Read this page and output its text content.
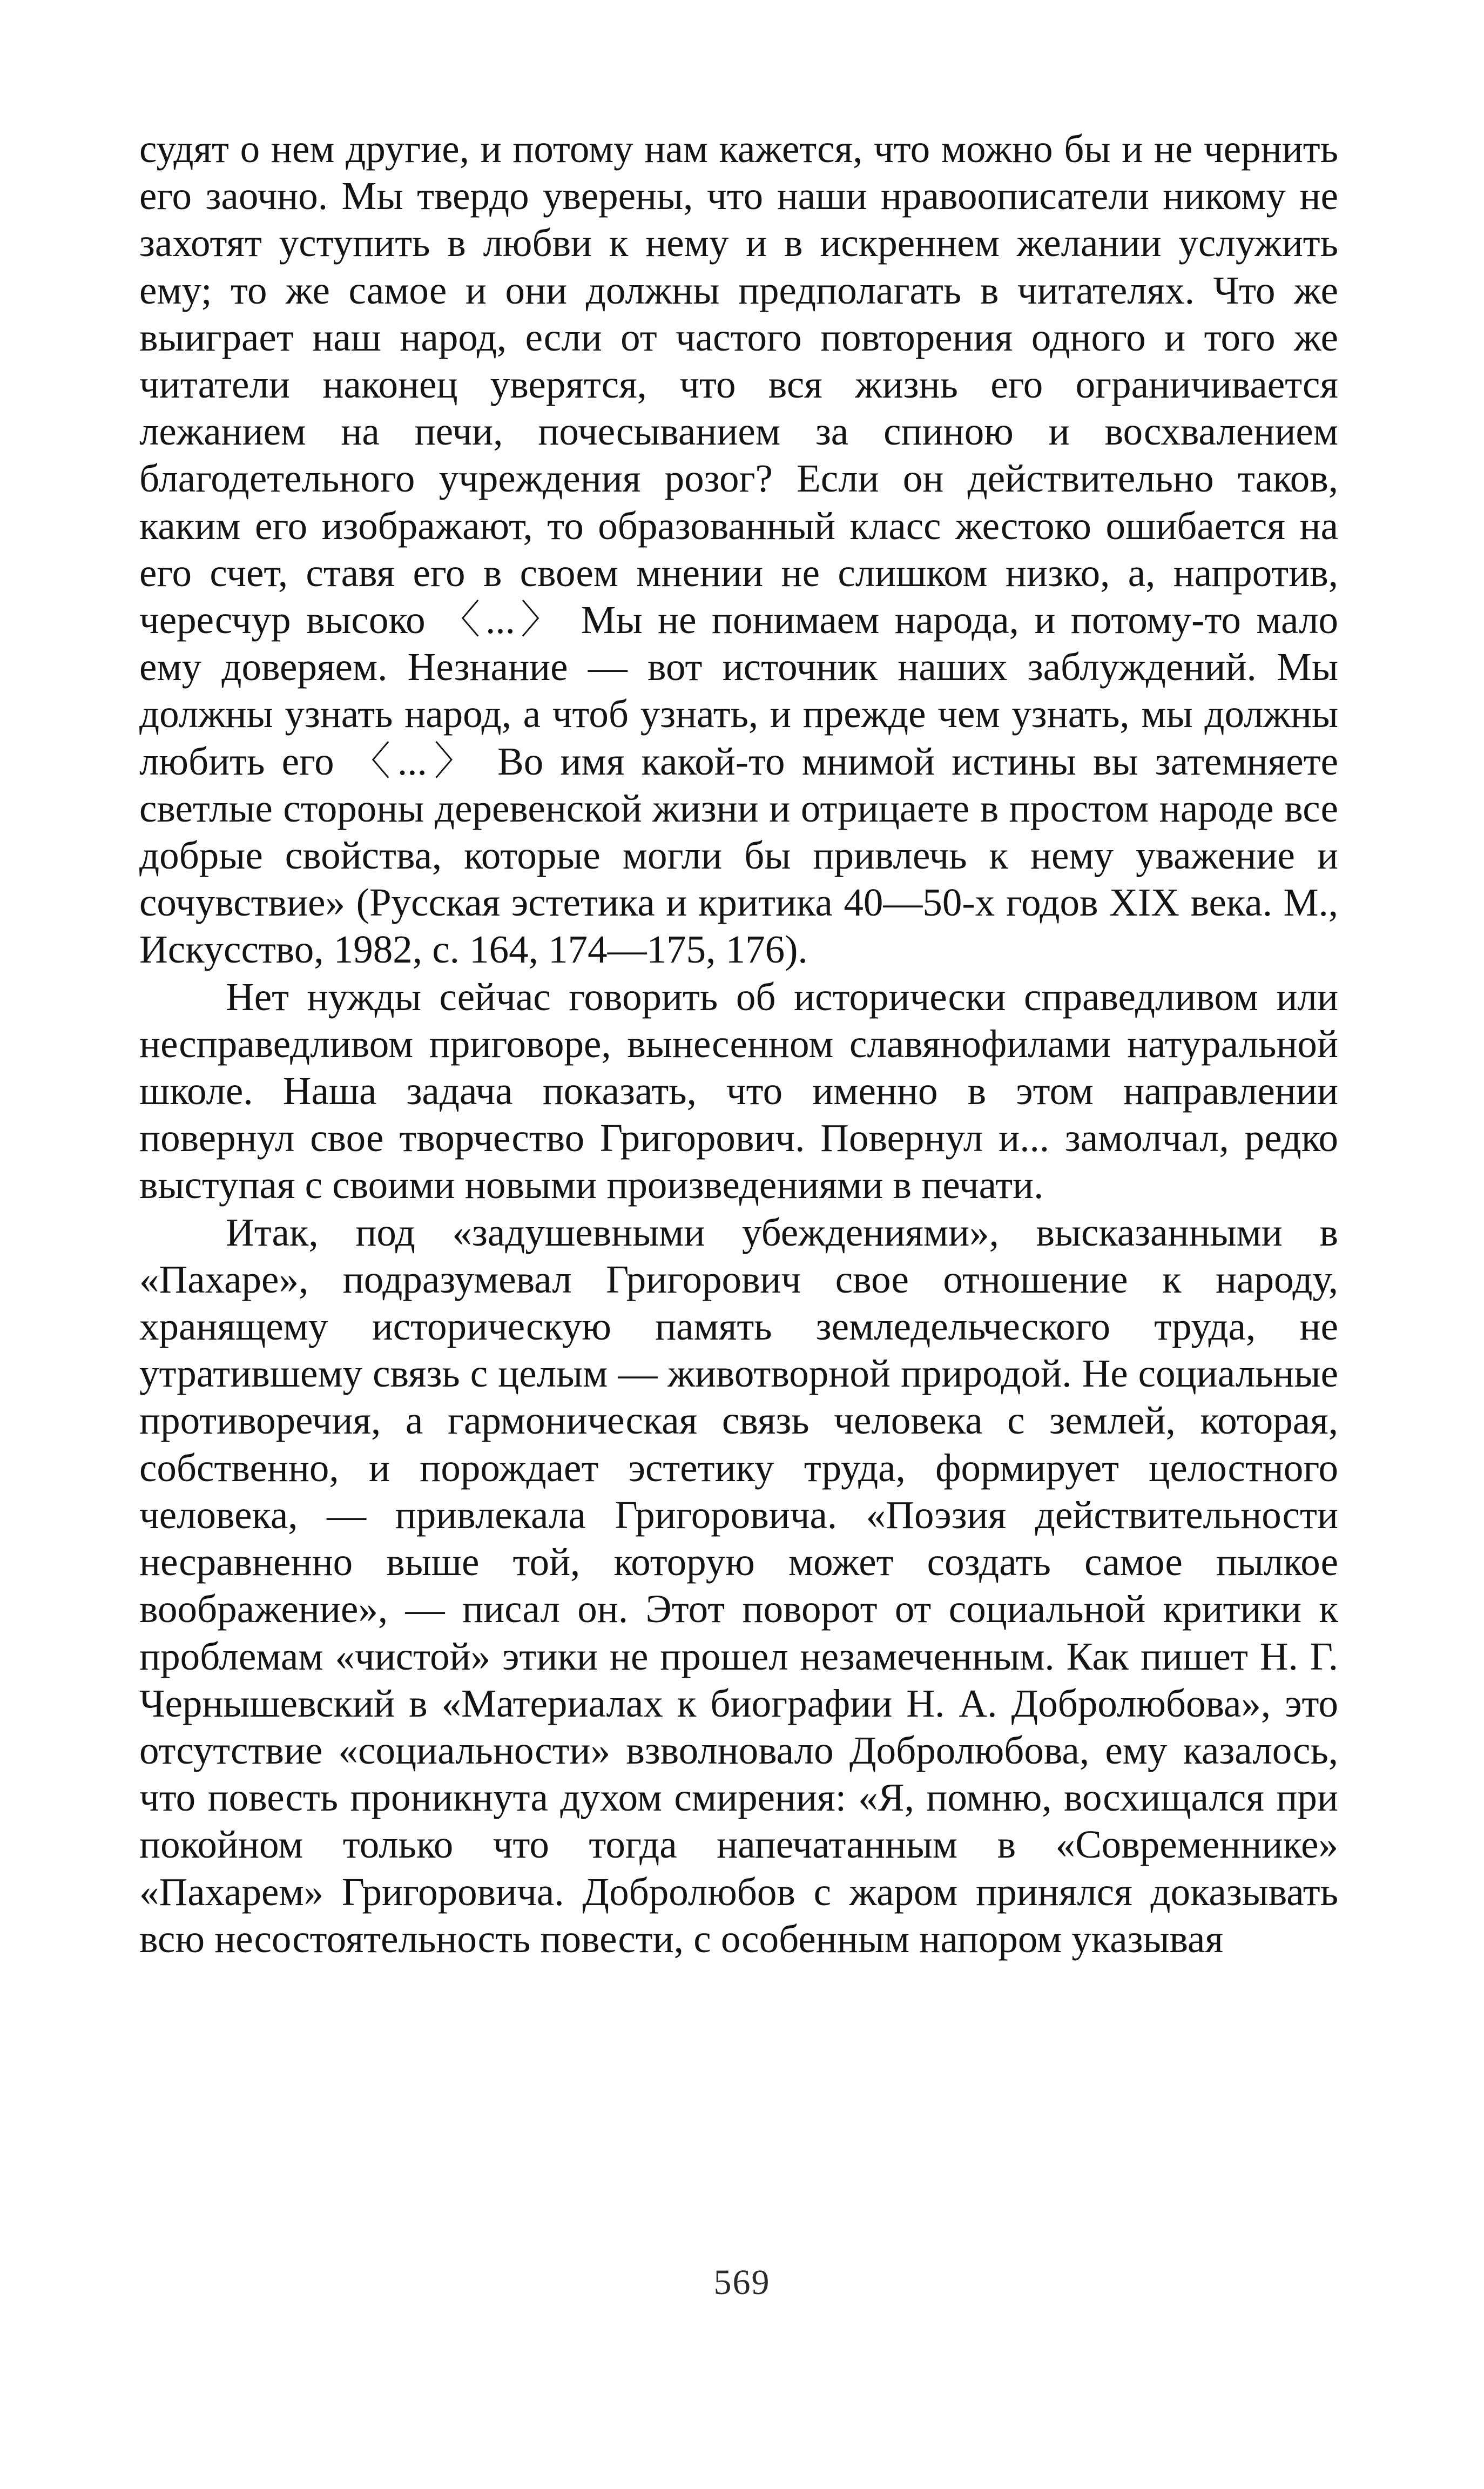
судят о нем другие, и потому нам кажется, что можно бы и не чернить его заочно. Мы твердо уверены, что наши нравоописатели никому не захотят уступить в любви к нему и в искреннем желании услужить ему; то же самое и они должны предполагать в читателях. Что же выиграет наш народ, если от частого повторения одного и того же читатели наконец уверятся, что вся жизнь его ограничивается лежанием на печи, почесыванием за спиною и восхвалением благодетельного учреждения розог? Если он действительно таков, каким его изображают, то образованный класс жестоко ошибается на его счет, ставя его в своем мнении не слишком низко, а, напротив, чересчур высоко 〈...〉 Мы не понимаем народа, и потому-то мало ему доверяем. Незнание — вот источник наших заблуждений. Мы должны узнать народ, а чтоб узнать, и прежде чем узнать, мы должны любить его 〈...〉 Во имя какой-то мнимой истины вы затемняете светлые стороны деревенской жизни и отрицаете в простом народе все добрые свойства, которые могли бы привлечь к нему уважение и сочувствие» (Русская эстетика и критика 40—50-х годов XIX века. М., Искусство, 1982, с. 164, 174—175, 176).

Нет нужды сейчас говорить об исторически справедливом или несправедливом приговоре, вынесенном славянофилами натуральной школе. Наша задача показать, что именно в этом направлении повернул свое творчество Григорович. Повернул и... замолчал, редко выступая с своими новыми произведениями в печати.

Итак, под «задушевными убеждениями», высказанными в «Пахаре», подразумевал Григорович свое отношение к народу, хранящему историческую память земледельческого труда, не утратившему связь с целым — животворной природой. Не социальные противоречия, а гармоническая связь человека с землей, которая, собственно, и порождает эстетику труда, формирует целостного человека, — привлекала Григоровича. «Поэзия действительности несравненно выше той, которую может создать самое пылкое воображение», — писал он. Этот поворот от социальной критики к проблемам «чистой» этики не прошел незамеченным. Как пишет Н. Г. Чернышевский в «Материалах к биографии Н. А. Добролюбова», это отсутствие «социальности» взволновало Добролюбова, ему казалось, что повесть проникнута духом смирения: «Я, помню, восхищался при покойном только что тогда напечатанным в «Современнике» «Пахарем» Григоровича. Добролюбов с жаром принялся доказывать всю несостоятельность повести, с особенным напором указывая

569
